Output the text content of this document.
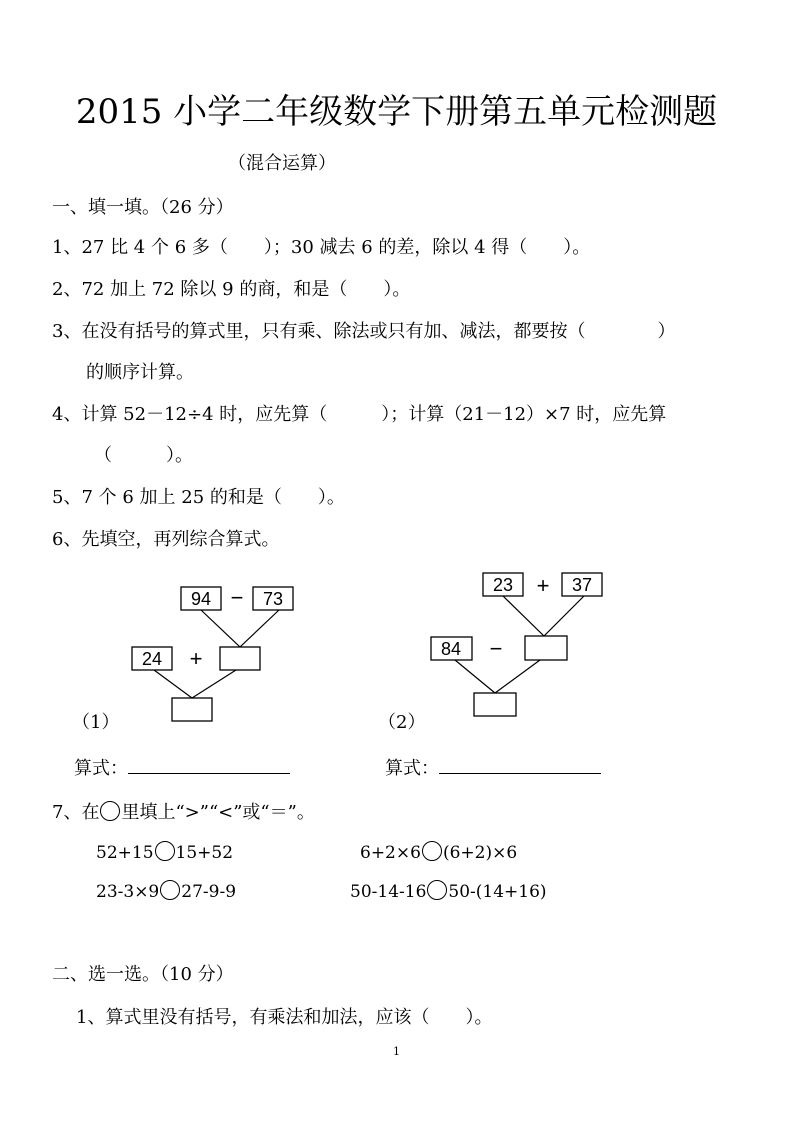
2015 小学二年级数学下册第五单元检测题
（混合运算）
一、填一填。（26 分）
1、27 比 4 个 6 多（　　）；30 减去 6 的差，除以 4 得（　　）。
2、72 加上 72 除以 9 的商，和是（　　）。
3、在没有括号的算式里，只有乘、除法或只有加、减法，都要按（　　　　）
的顺序计算。
4、计算 52－12÷4 时，应先算（　　　）；计算（21－12）×7 时，应先算
（　　　）。
5、7 个 6 加上 25 的和是（　　）。
6、先填空，再列综合算式。
94 − 73
24 +
23 + 37
84 −
（1）	（2）
算式：	算式：
7、在 里填上“>”“<”或“＝”。
52+15 15+52	6+2×6 (6+2)×6
23-3×9 27-9-9	50-14-16 50-(14+16)
二、选一选。（10 分）
1、算式里没有括号，有乘法和加法，应该（　　）。
1
